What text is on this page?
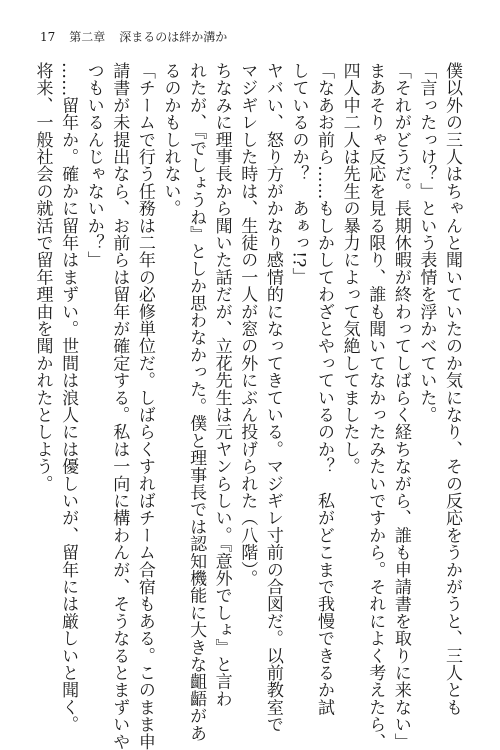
17 第二章 深まるのは絆か溝か

僕以外の三人はちゃんと聞いていたのか気になり、その反応をうかがうと、三人とも

「言ったっけ？」という表情を浮かべていた。

「それがどうだ。長期休暇が終わってしばらく経ちながら、誰も申請書を取りに来ない」

まあそりゃ反応を見る限り、誰も聞いてなかったみたいですから。それによく考えたら、

四人中二人は先生の暴力によって気絶してましたし。

「なあお前ら……もしかしてわざとやっているのか？　私がどこまで我慢できるか試

しているのか？　あぁっ!?」

ヤバい、怒り方がかなり感情的になってきている。マジギレ寸前の合図だ。以前教室で

マジギレした時は、生徒の一人が窓の外にぶん投げられた（八階）。

ちなみに理事長から聞いた話だが、立花先生は元ヤンらしい。『意外でしょ』と言わ

れたが、『でしょうね』としか思わなかった。僕と理事長では認知機能に大きな齟齬があ

るのかもしれない。

「チームで行う任務は二年の必修単位だ。しばらくすればチーム合宿もある。このまま申

請書が未提出なら、お前らは留年が確定する。私は一向に構わんが、そうなるとまずいや

つもいるんじゃないか？」

……留年か。確かに留年はまずい。世間は浪人には優しいが、留年には厳しいと聞く。

将来、一般社会の就活で留年理由を聞かれたとしよう。
